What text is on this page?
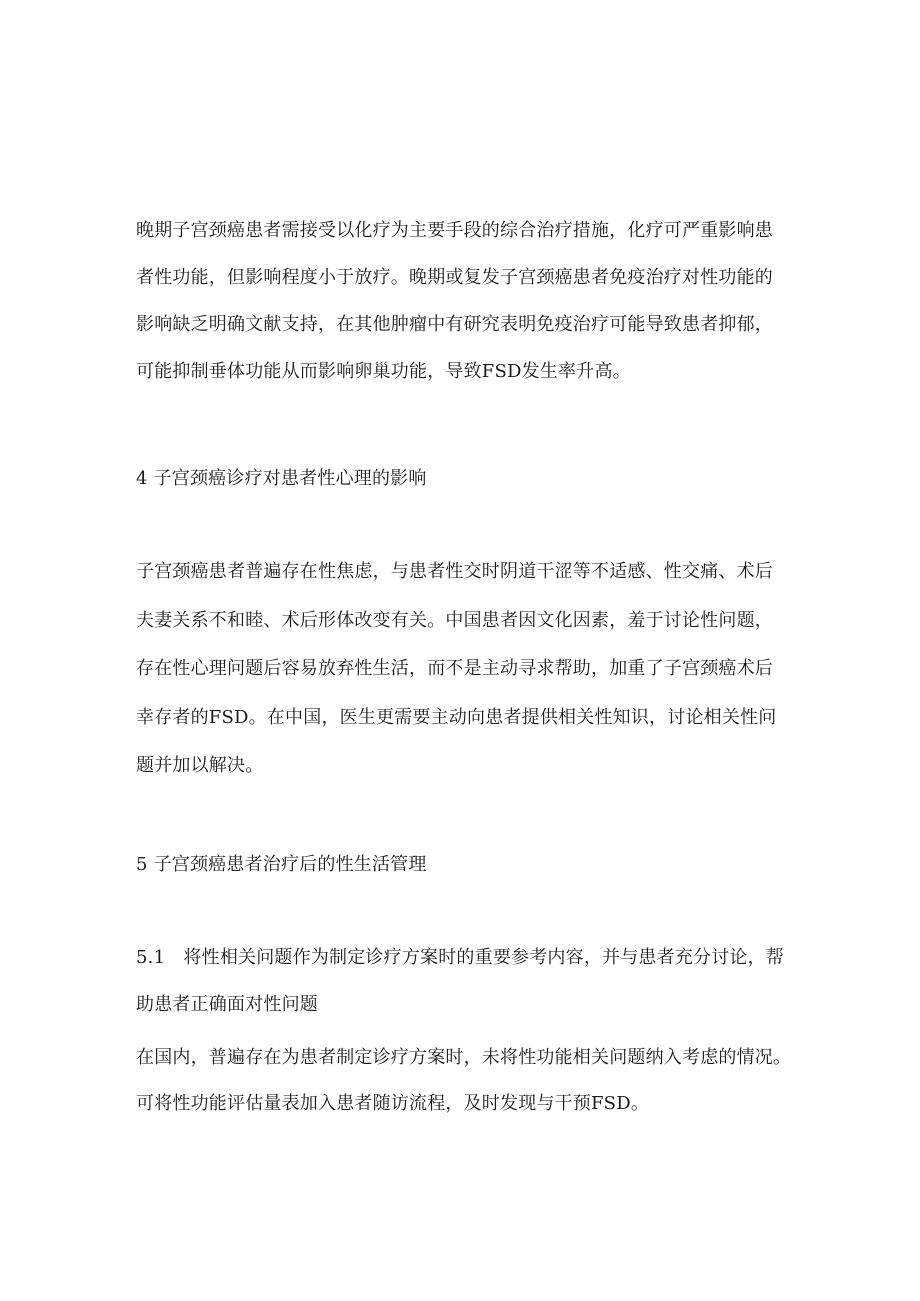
晚期子宫颈癌患者需接受以化疗为主要手段的综合治疗措施，化疗可严重影响患
者性功能，但影响程度小于放疗。晚期或复发子宫颈癌患者免疫治疗对性功能的
影响缺乏明确文献支持，在其他肿瘤中有研究表明免疫治疗可能导致患者抑郁，
可能抑制垂体功能从而影响卵巢功能，导致FSD发生率升高。
4 子宫颈癌诊疗对患者性心理的影响
子宫颈癌患者普遍存在性焦虑，与患者性交时阴道干涩等不适感、性交痛、术后
夫妻关系不和睦、术后形体改变有关。中国患者因文化因素，羞于讨论性问题，
存在性心理问题后容易放弃性生活，而不是主动寻求帮助，加重了子宫颈癌术后
幸存者的FSD。在中国，医生更需要主动向患者提供相关性知识，讨论相关性问
题并加以解决。
5 子宫颈癌患者治疗后的性生活管理
5.1　将性相关问题作为制定诊疗方案时的重要参考内容，并与患者充分讨论，帮
助患者正确面对性问题
在国内，普遍存在为患者制定诊疗方案时，未将性功能相关问题纳入考虑的情况。
可将性功能评估量表加入患者随访流程，及时发现与干预FSD。
